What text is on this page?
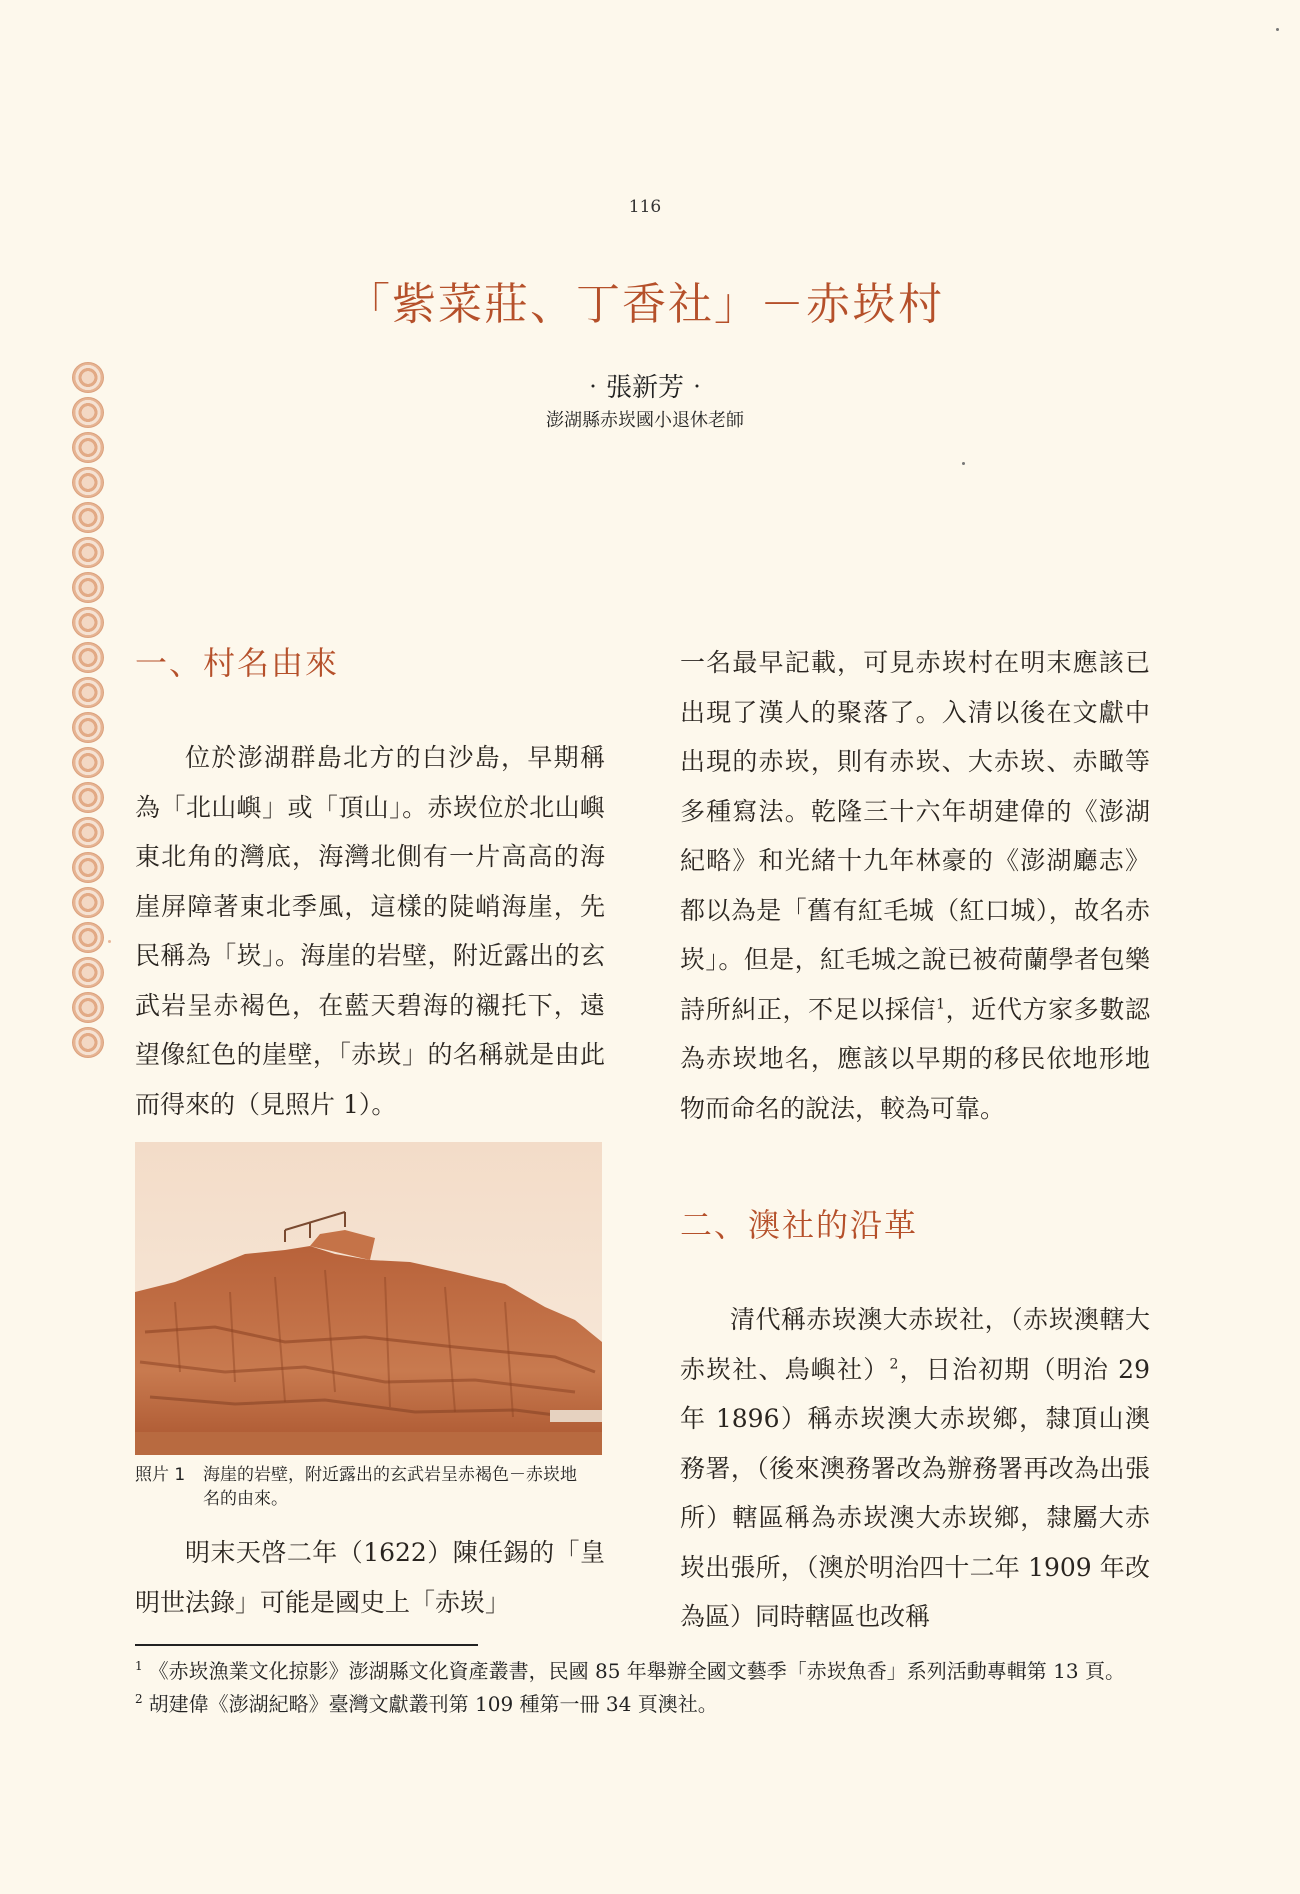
116
「紫菜莊、丁香社」－赤崁村
‧張新芳‧
澎湖縣赤崁國小退休老師
一、村名由來

位於澎湖群島北方的白沙島，早期稱為「北山嶼」或「頂山」。赤崁位於北山嶼東北角的灣底，海灣北側有一片高高的海崖屏障著東北季風，這樣的陡峭海崖，先民稱為「崁」。海崖的岩壁，附近露出的玄武岩呈赤褐色，在藍天碧海的襯托下，遠望像紅色的崖壁，「赤崁」的名稱就是由此而得來的（見照片 1）。

照片 1 海崖的岩壁，附近露出的玄武岩呈赤褐色－赤崁地
名的由來。

明末天啓二年（1622）陳任錫的「皇明世法錄」可能是國史上「赤崁」

一名最早記載，可見赤崁村在明末應該已出現了漢人的聚落了。入清以後在文獻中出現的赤崁，則有赤崁、大赤崁、赤瞰等多種寫法。乾隆三十六年胡建偉的《澎湖紀略》和光緒十九年林豪的《澎湖廳志》都以為是「舊有紅毛城（紅口城），故名赤崁」。但是，紅毛城之說已被荷蘭學者包樂詩所糾正，不足以採信$^1$，近代方家多數認為赤崁地名，應該以早期的移民依地形地物而命名的說法，較為可靠。

二、澳社的沿革

清代稱赤崁澳大赤崁社，（赤崁澳轄大赤崁社、鳥嶼社）$^2$，日治初期（明治 29 年 1896）稱赤崁澳大赤崁鄉，隸頂山澳務署，（後來澳務署改為辦務署再改為出張所）轄區稱為赤崁澳大赤崁鄉，隸屬大赤崁出張所，（澳於明治四十二年 1909 年改為區）同時轄區也改稱

$^1$ 《赤崁漁業文化掠影》澎湖縣文化資產叢書，民國 85 年舉辦全國文藝季「赤崁魚香」系列活動專輯第 13 頁。

$^2$ 胡建偉《澎湖紀略》臺灣文獻叢刊第 109 種第一冊 34 頁澳社。
